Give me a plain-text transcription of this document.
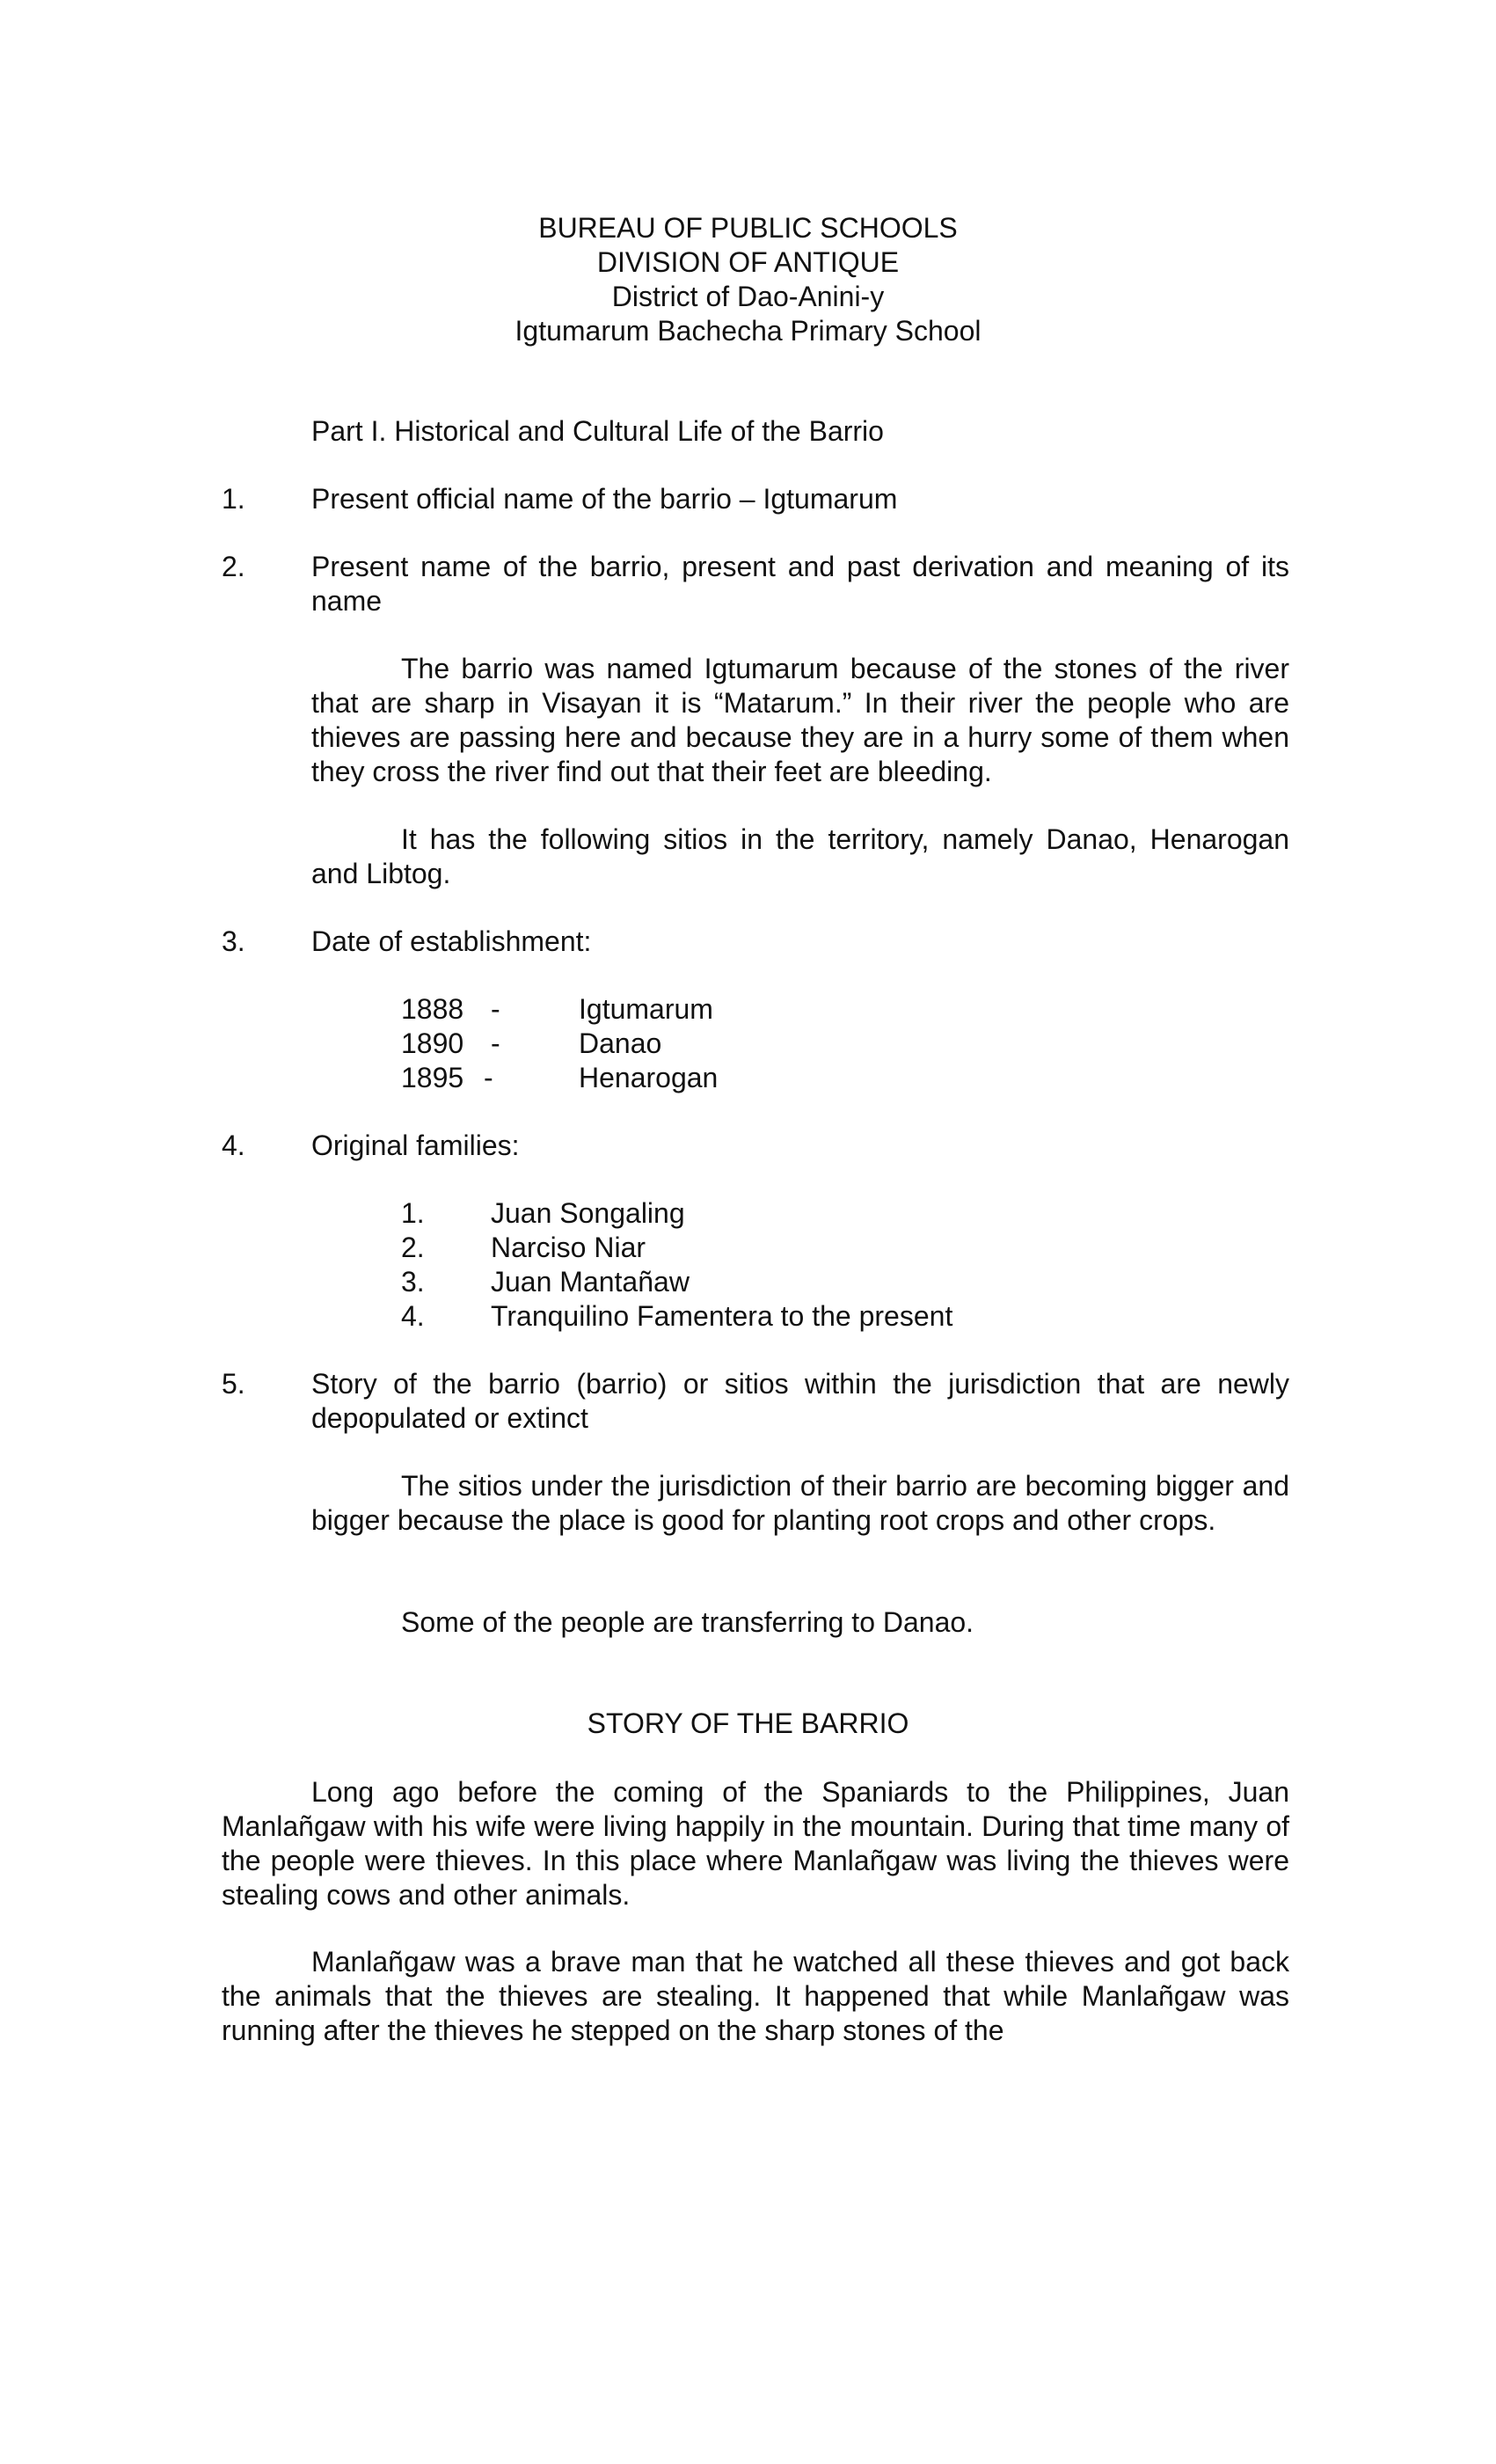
BUREAU OF PUBLIC SCHOOLS
DIVISION OF ANTIQUE
District of Dao-Anini-y
Igtumarum Bachecha Primary School
Part I. Historical and Cultural Life of the Barrio
1. Present official name of the barrio – Igtumarum
2. Present name of the barrio, present and past derivation and meaning of its name
The barrio was named Igtumarum because of the stones of the river that are sharp in Visayan it is “Matarum.” In their river the people who are thieves are passing here and because they are in a hurry some of them when they cross the river find out that their feet are bleeding.
It has the following sitios in the territory, namely Danao, Henarogan and Libtog.
3. Date of establishment:
1888 -	Igtumarum
1890 -	Danao
1895 -	Henarogan
4. Original families:
1. Juan Songaling
2. Narciso Niar
3. Juan Mantañaw
4. Tranquilino Famentera to the present
5. Story of the barrio (barrio) or sitios within the jurisdiction that are newly depopulated or extinct
The sitios under the jurisdiction of their barrio are becoming bigger and bigger because the place is good for planting root crops and other crops.
Some of the people are transferring to Danao.
STORY OF THE BARRIO
Long ago before the coming of the Spaniards to the Philippines, Juan Manlañgaw with his wife were living happily in the mountain. During that time many of the people were thieves. In this place where Manlañgaw was living the thieves were stealing cows and other animals.
Manlañgaw was a brave man that he watched all these thieves and got back the animals that the thieves are stealing. It happened that while Manlañgaw was running after the thieves he stepped on the sharp stones of the
